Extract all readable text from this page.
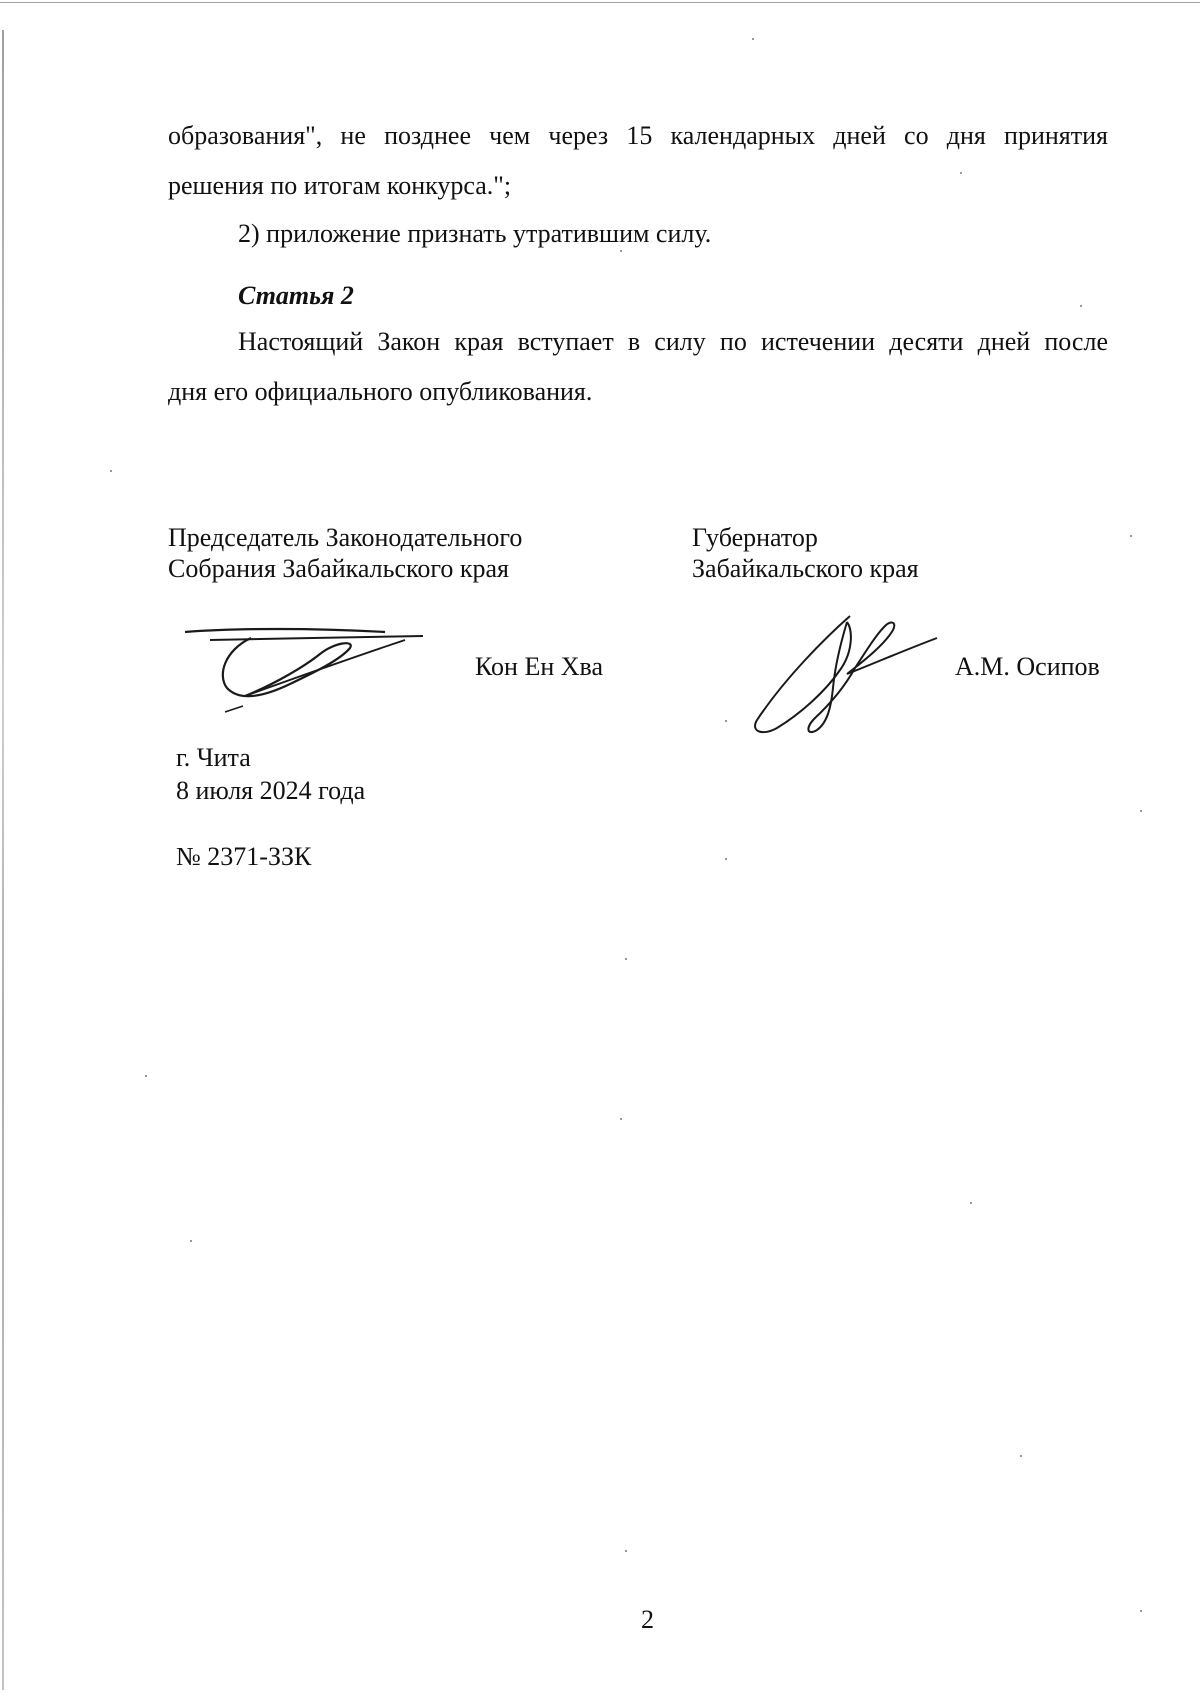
образования", не позднее чем через 15 календарных дней со дня принятия
решения по итогам конкурса.";
2) приложение признать утратившим силу.
Статья 2
Настоящий Закон края вступает в силу по истечении десяти дней после
дня его официального опубликования.
Председатель Законодательного
Собрания Забайкальского края
Губернатор
Забайкальского края
Кон Ен Хва	А.М. Осипов
г. Чита
8 июля 2024 года
№ 2371-ЗЗК
2
